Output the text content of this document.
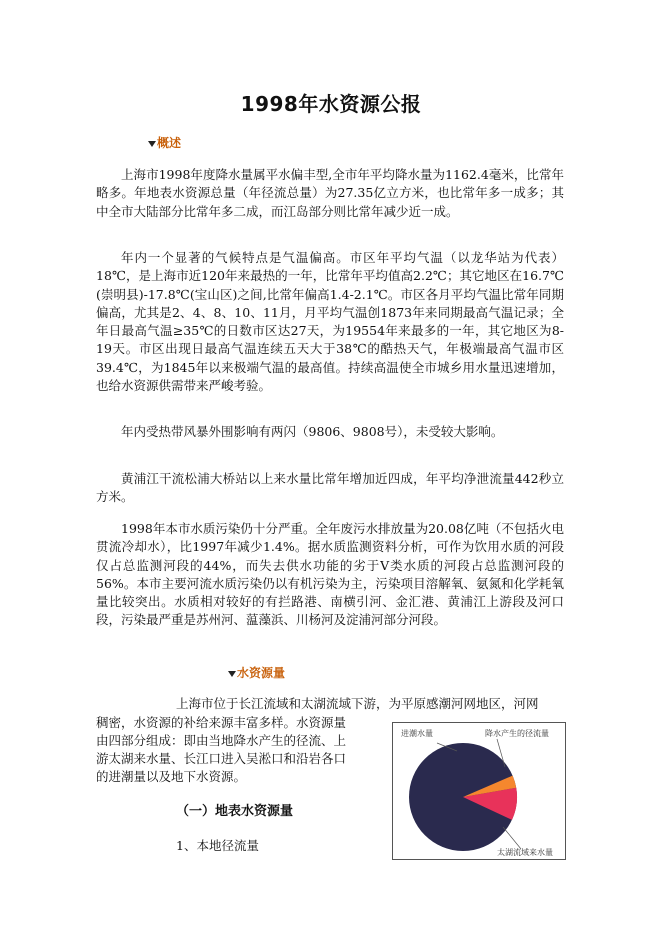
1998年水资源公报
概述

上海市1998年度降水量属平水偏丰型,全市年平均降水量为1162.4毫米，比常年略多。年地表水资源总量（年径流总量）为27.35亿立方米，也比常年多一成多；其中全市大陆部分比常年多二成，而江岛部分则比常年减少近一成。

年内一个显著的气候特点是气温偏高。市区年平均气温（以龙华站为代表）18℃，是上海市近120年来最热的一年，比常年平均值高2.2℃；其它地区在16.7℃(崇明县)-17.8℃(宝山区)之间,比常年偏高1.4-2.1℃。市区各月平均气温比常年同期偏高，尤其是2、4、8、10、11月，月平均气温创1873年来同期最高气温记录；全年日最高气温≥35℃的日数市区达27天，为19554年来最多的一年，其它地区为8-19天。市区出现日最高气温连续五天大于38℃的酷热天气，年极端最高气温市区39.4℃，为1845年以来极端气温的最高值。持续高温使全市城乡用水量迅速增加，也给水资源供需带来严峻考验。

年内受热带风暴外围影响有两闪（9806、9808号），未受较大影响。

黄浦江干流松浦大桥站以上来水量比常年增加近四成，年平均净泄流量442秒立方米。

1998年本市水质污染仍十分严重。全年废污水排放量为20.08亿吨（不包括火电贯流冷却水），比1997年减少1.4%。据水质监测资料分析，可作为饮用水质的河段仅占总监测河段的44%，而失去供水功能的劣于Ⅴ类水质的河段占总监测河段的56%。本市主要河流水质污染仍以有机污染为主，污染项目溶解氧、氨氮和化学耗氧量比较突出。水质相对较好的有拦路港、南横引河、金汇港、黄浦江上游段及河口段，污染最严重是苏州河、蕰藻浜、川杨河及淀浦河部分河段。

水资源量

上海市位于长江流域和太湖流域下游，为平原感潮河网地区，河网

稠密，水资源的补给来源丰富多样。水资源量

由四部分组成：即由当地降水产生的径流、上

游太湖来水量、长江口进入吴淞口和沿岩各口

的进潮量以及地下水资源。

（一）地表水资源量

1、本地径流量

进潮水量	降水产生的径流量
太湖流域来水量
